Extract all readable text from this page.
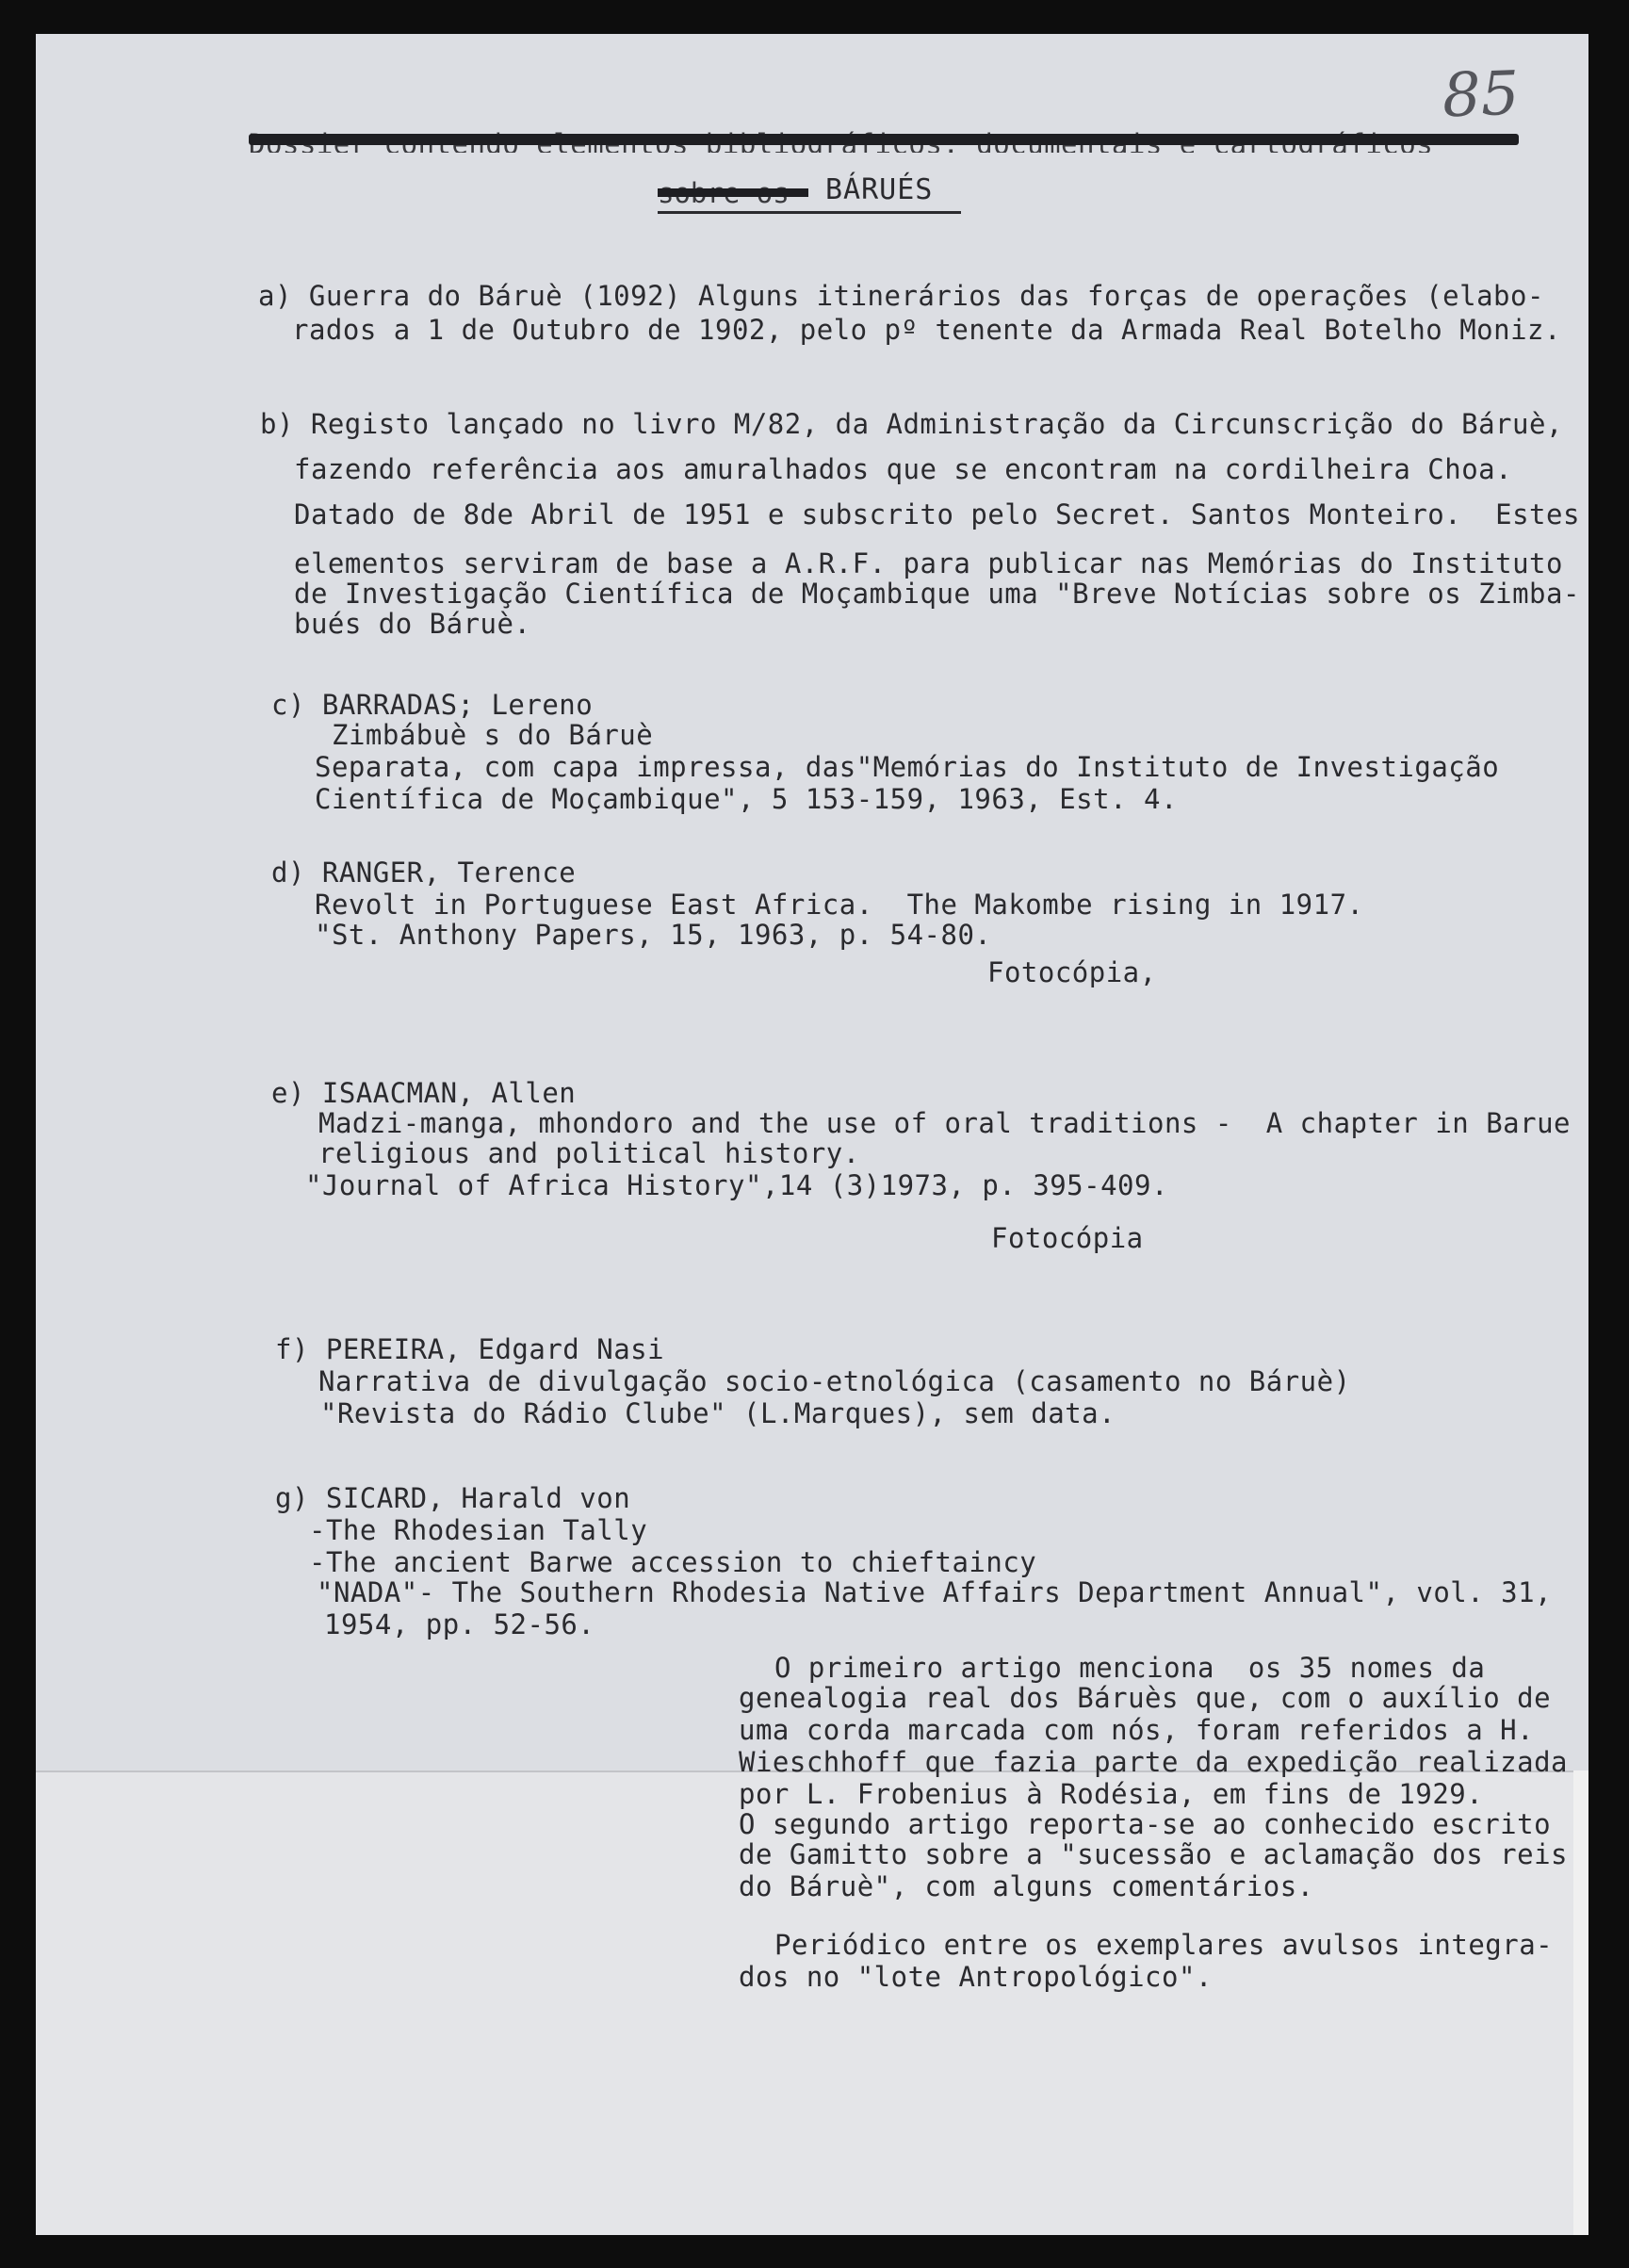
85
BÁRUÉS
a) Guerra do Báruè (1092) Alguns itinerários das forças de operações (elabo-
rados a 1 de Outubro de 1902, pelo pº tenente da Armada Real Botelho Moniz.
b) Registo lançado no livro M/82, da Administração da Circunscrição do Báruè,
fazendo referência aos amuralhados que se encontram na cordilheira Choa.
Datado de 8de Abril de 1951 e subscrito pelo Secret. Santos Monteiro.  Estes
elementos serviram de base a A.R.F. para publicar nas Memórias do Instituto
de Investigação Científica de Moçambique uma "Breve Notícias sobre os Zimba-
bués do Báruè.
c) BARRADAS; Lereno
Zimbábuè s do Báruè
Separata, com capa impressa, das"Memórias do Instituto de Investigação
Científica de Moçambique", 5 153-159, 1963, Est. 4.
d) RANGER, Terence
Revolt in Portuguese East Africa.  The Makombe rising in 1917.
"St. Anthony Papers, 15, 1963, p. 54-80.
Fotocópia,
e) ISAACMAN, Allen
Madzi-manga, mhondoro and the use of oral traditions -  A chapter in Barue
religious and political history.
"Journal of Africa History",14 (3)1973, p. 395-409.
Fotocópia
f) PEREIRA, Edgard Nasi
Narrativa de divulgação socio-etnológica (casamento no Báruè)
"Revista do Rádio Clube" (L.Marques), sem data.
g) SICARD, Harald von
-The Rhodesian Tally
-The ancient Barwe accession to chieftaincy
"NADA"- The Southern Rhodesia Native Affairs Department Annual", vol. 31,
1954, pp. 52-56.
O primeiro artigo menciona  os 35 nomes da
genealogia real dos Báruès que, com o auxílio de
uma corda marcada com nós, foram referidos a H.
Wieschhoff que fazia parte da expedição realizada
por L. Frobenius à Rodésia, em fins de 1929.
O segundo artigo reporta-se ao conhecido escrito
de Gamitto sobre a "sucessão e aclamação dos reis
do Báruè", com alguns comentários.
Periódico entre os exemplares avulsos integra-
dos no "lote Antropológico".
